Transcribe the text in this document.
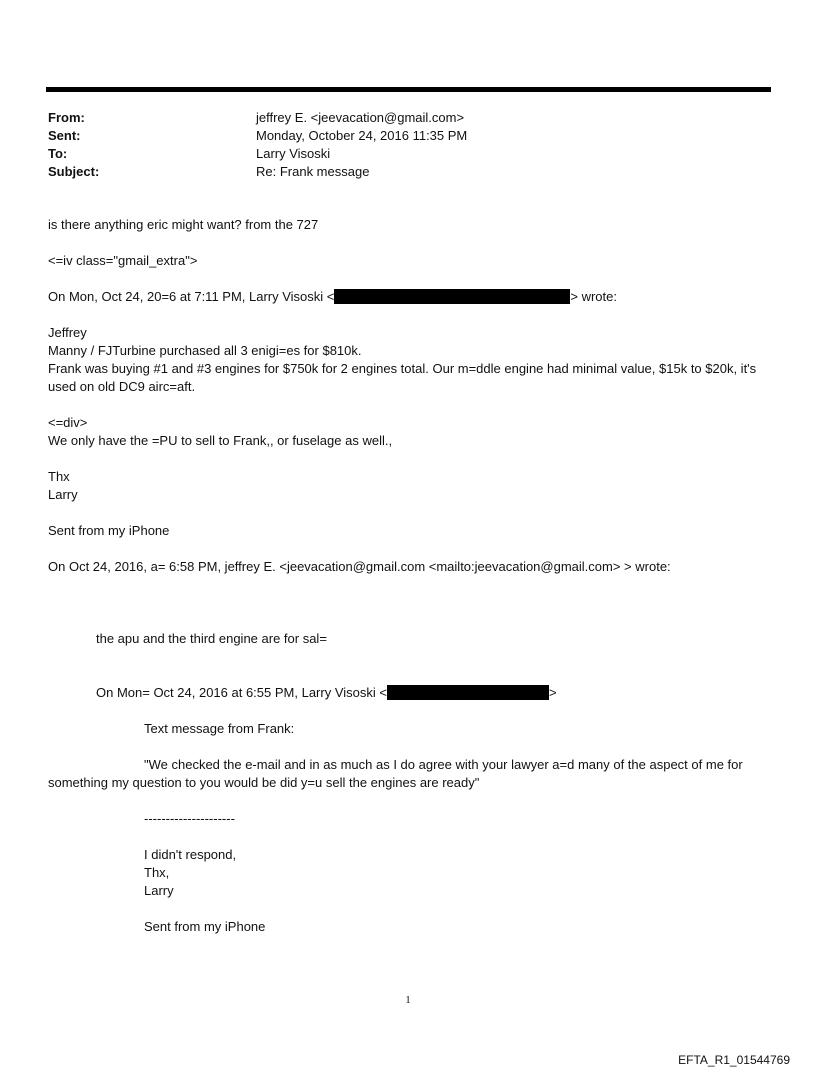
From:	jeffrey E. <jeevacation@gmail.com>
Sent:	Monday, October 24, 2016 11:35 PM
To:	Larry Visoski
Subject:	Re: Frank message
is there anything eric might want? from the 727
<=iv class="gmail_extra">
On Mon, Oct 24, 20=6 at 7:11 PM, Larry Visoski <	> wrote:
Jeffrey
Manny / FJTurbine purchased all 3 enigi=es for $810k.
Frank was buying #1 and #3 engines for $750k for 2 engines total. Our m=ddle engine had minimal value, $15k to $20k, it's used on old DC9 airc=aft.
<=div>
We only have the =PU to sell to Frank,, or fuselage as well.,
Thx
Larry
Sent from my iPhone
On Oct 24, 2016, a= 6:58 PM, jeffrey E. <jeevacation@gmail.com <mailto:jeevacation@gmail.com> > wrote:
the apu and the third engine are for sal=
On Mon= Oct 24, 2016 at 6:55 PM, Larry Visoski <	>
Text message from Frank:
"We checked the e-mail and in as much as I do agree with your lawyer a=d many of the aspect of me for something my question to you would be did y=u sell the engines are ready"
---------------------
I didn't respond,
Thx,
Larry
Sent from my iPhone
1
EFTA_R1_01544769
